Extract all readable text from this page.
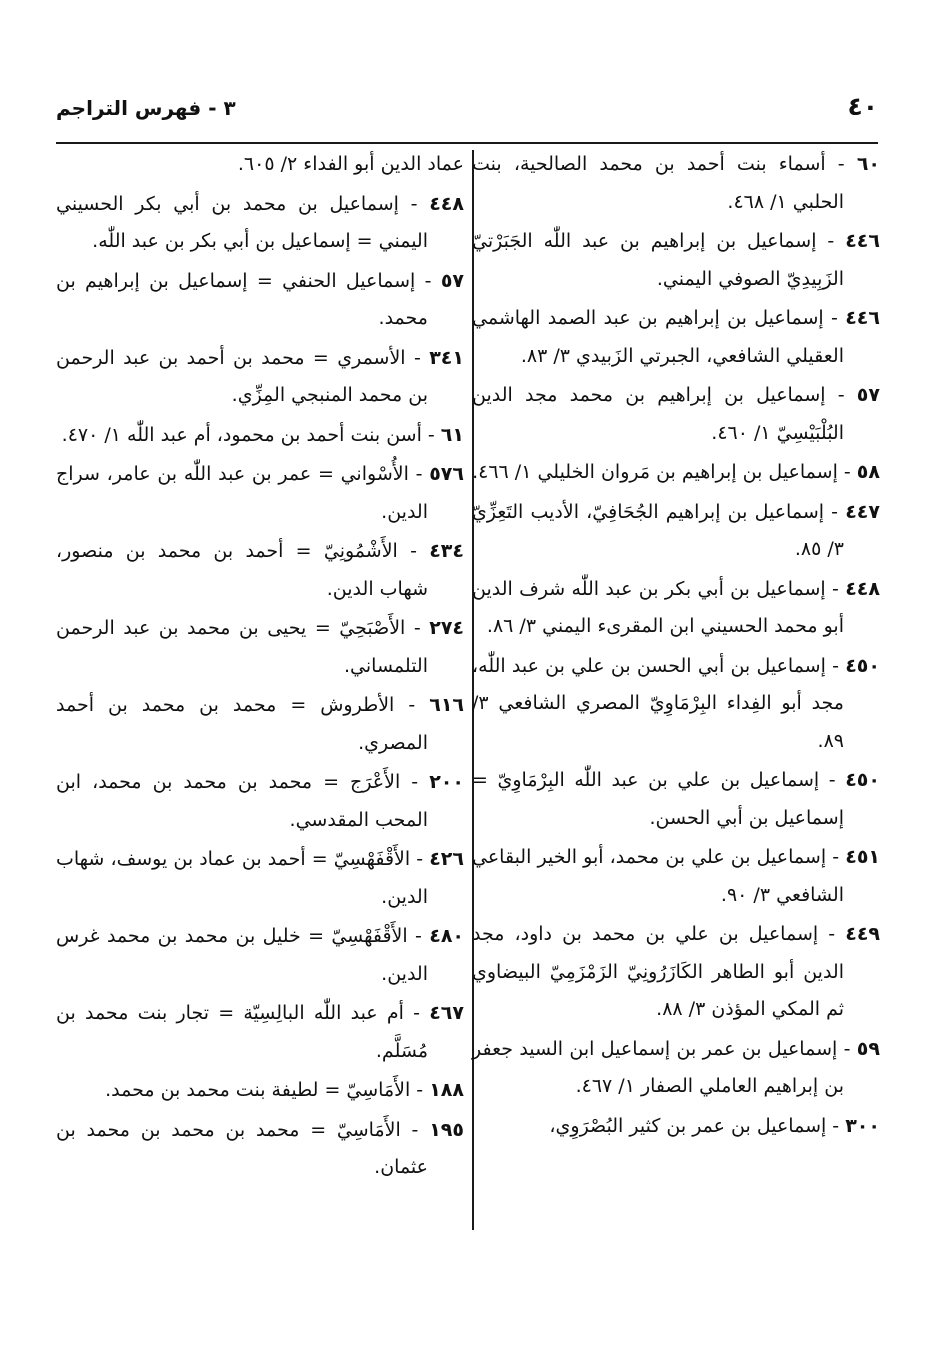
٤٠
٣ - فهرس التراجم

٦٠ - أسماء بنت أحمد بن محمد الصالحية، بنت الحلبي ١/ ٤٦٨.

٤٤٦ - إسماعيل بن إبراهيم بن عبد اللّٰه الجَبَرْتيّ الزَبِيدِيّ الصوفي اليمني.

٤٤٦ - إسماعيل بن إبراهيم بن عبد الصمد الهاشمي العقيلي الشافعي، الجبرتي الزَبيدي ٣/ ٨٣.

٥٧ - إسماعيل بن إبراهيم بن محمد مجد الدين البُلْبَيْسِيّ ١/ ٤٦٠.

٥٨ - إسماعيل بن إبراهيم بن مَروان الخليلي ١/ ٤٦٦.

٤٤٧ - إسماعيل بن إبراهيم الجُحَافِيّ، الأديب التَعِزِّيّ ٣/ ٨٥.

٤٤٨ - إسماعيل بن أبي بكر بن عبد اللّٰه شرف الدين أبو محمد الحسيني ابن المقرىء اليمني ٣/ ٨٦.

٤٥٠ - إسماعيل بن أبي الحسن بن علي بن عبد اللّٰه، مجد أبو الفِداء البِرْمَاوِيّ المصري الشافعي ٣/ ٨٩.

٤٥٠ - إسماعيل بن علي بن عبد اللّٰه البِرْمَاوِيّ = إسماعيل بن أبي الحسن.

٤٥١ - إسماعيل بن علي بن محمد، أبو الخير البقاعي الشافعي ٣/ ٩٠.

٤٤٩ - إسماعيل بن علي بن محمد بن داود، مجد الدين أبو الطاهر الكَازَرُونِيّ الزَمْزَمِيّ البيضاوي ثم المكي المؤذن ٣/ ٨٨.

٥٩ - إسماعيل بن عمر بن إسماعيل ابن السيد جعفر بن إبراهيم العاملي الصفار ١/ ٤٦٧.

٣٠٠ - إسماعيل بن عمر بن كثير البُصْرَوِي،

عماد الدين أبو الفداء ٢/ ٦٠٥.

٤٤٨ - إسماعيل بن محمد بن أبي بكر الحسيني اليمني = إسماعيل بن أبي بكر بن عبد اللّٰه.

٥٧ - إسماعيل الحنفي = إسماعيل بن إبراهيم بن محمد.

٣٤١ - الأسمري = محمد بن أحمد بن عبد الرحمن بن محمد المنبجي المِزِّي.

٦١ - أسن بنت أحمد بن محمود، أم عبد اللّٰه ١/ ٤٧٠.

٥٧٦ - الأُسْواني = عمر بن عبد اللّٰه بن عامر، سراج الدين.

٤٣٤ - الأَشْمُونِيّ = أحمد بن محمد بن منصور، شهاب الدين.

٢٧٤ - الأَصْبَحِيّ = يحيى بن محمد بن عبد الرحمن التلمساني.

٦١٦ - الأطروش = محمد بن محمد بن أحمد المصري.

٢٠٠ - الأَعْرَج = محمد بن محمد بن محمد، ابن المحب المقدسي.

٤٢٦ - الأَقْفَهْسِيّ = أحمد بن عماد بن يوسف، شهاب الدين.

٤٨٠ - الأَقْفَهْسِيّ = خليل بن محمد بن محمد غرس الدين.

٤٦٧ - أم عبد اللّٰه البالِسِيّة = تجار بنت محمد بن مُسَلَّم.

١٨٨ - الأَمَاسِيّ = لطيفة بنت محمد بن محمد.

١٩٥ - الأَمَاسِيّ = محمد بن محمد بن محمد بن عثمان.
